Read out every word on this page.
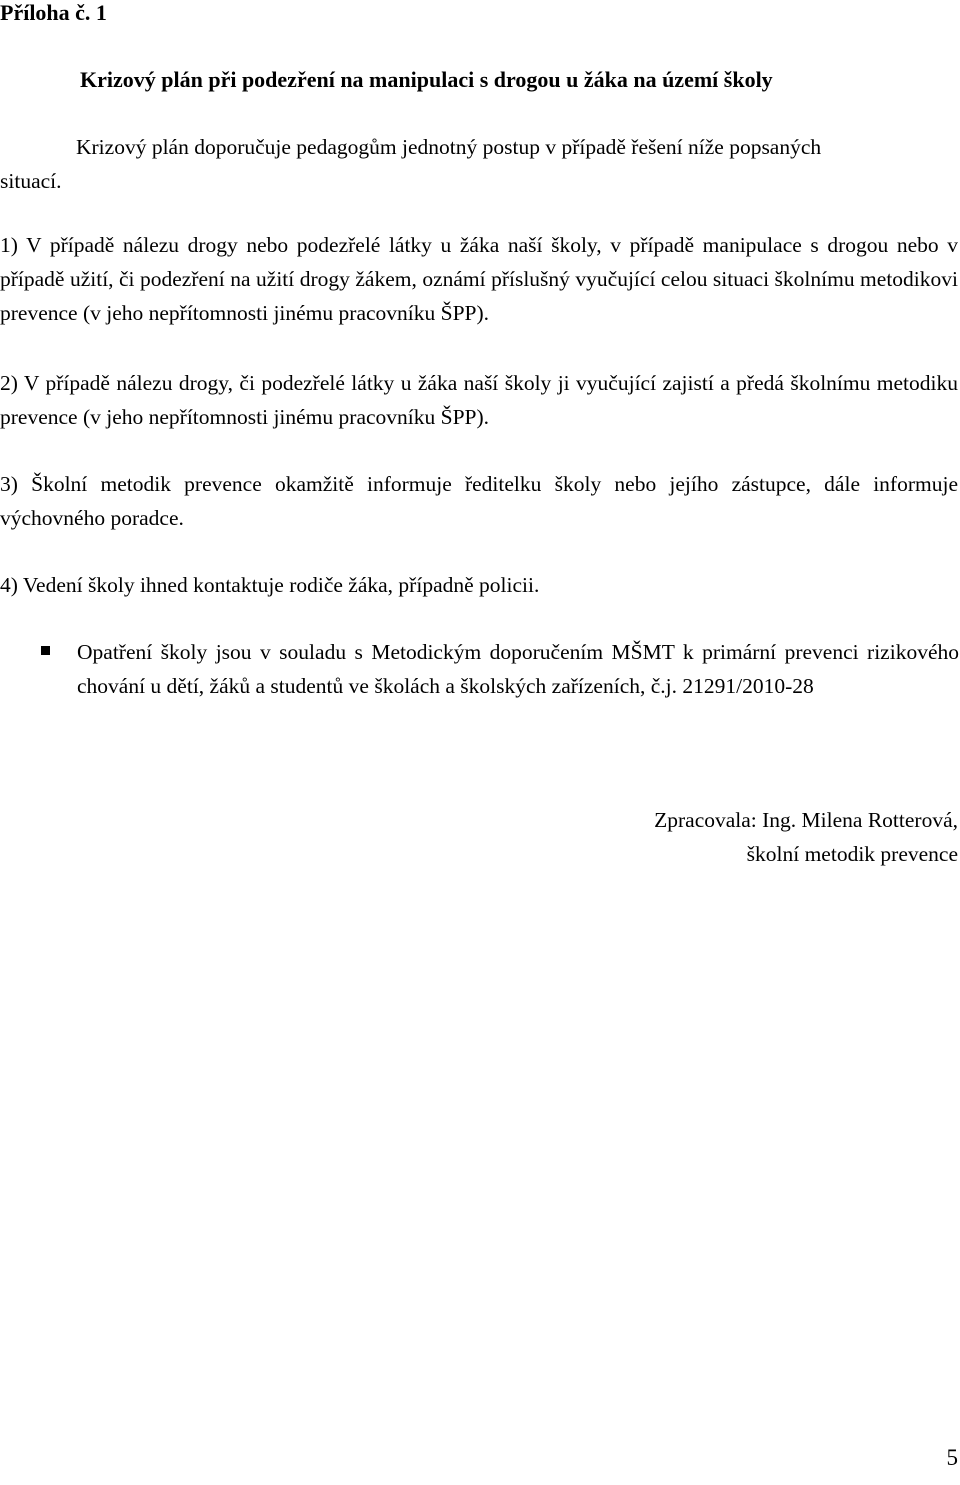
Příloha č. 1
Krizový plán při podezření na manipulaci s drogou u žáka na území školy
Krizový plán doporučuje pedagogům jednotný postup v případě řešení níže popsaných
situací.
1) V případě nálezu drogy nebo podezřelé látky u žáka naší školy, v případě manipulace s drogou nebo v případě užití, či podezření na užití drogy žákem, oznámí příslušný vyučující celou situaci školnímu metodikovi prevence (v jeho nepřítomnosti jinému pracovníku ŠPP).
2) V případě nálezu drogy, či podezřelé látky u žáka naší školy ji vyučující zajistí a předá školnímu metodiku prevence (v jeho nepřítomnosti jinému pracovníku ŠPP).
3) Školní metodik prevence okamžitě informuje ředitelku školy nebo jejího zástupce, dále informuje výchovného poradce.
4) Vedení školy ihned kontaktuje rodiče žáka, případně policii.
Opatření školy jsou v souladu s Metodickým doporučením MŠMT k primární prevenci rizikového chování u dětí, žáků a studentů ve školách a školských zařízeních, č.j. 21291/2010-28
Zpracovala: Ing. Milena Rotterová,
školní metodik prevence
5
